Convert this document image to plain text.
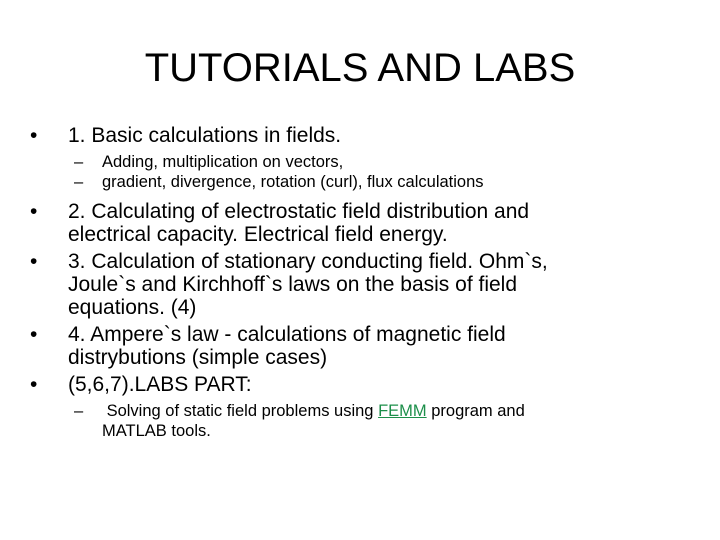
TUTORIALS AND LABS
• 1. Basic calculations in fields.
– Adding, multiplication on vectors,
– gradient, divergence, rotation (curl), flux calculations
• 2. Calculating of electrostatic field distribution and
electrical capacity. Electrical field energy.
• 3. Calculation of stationary conducting field. Ohm`s,
Joule`s and Kirchhoff`s laws on the basis of field
equations. (4)
• 4. Ampere`s law - calculations of magnetic field
distrybutions (simple cases)
• (5,6,7).LABS PART:
– Solving of static field problems using FEMM program and
MATLAB tools.
